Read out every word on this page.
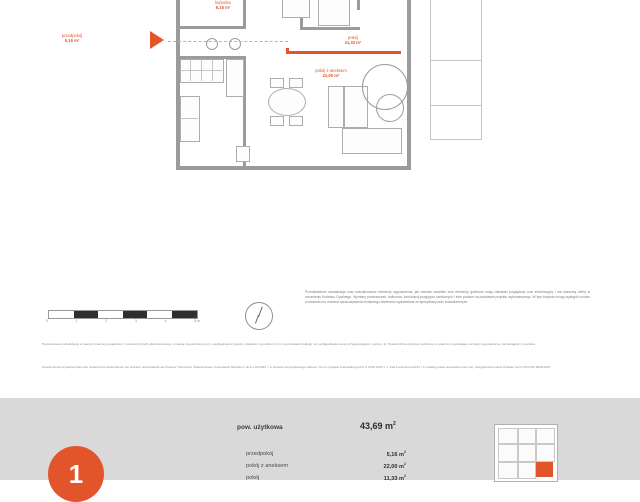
łazienka
5,16 m²
przedpokój
5,16 m²
pokój
11,33 m²
pokój z aneksem
22,00 m²
0	1	2	3	4	5 m
Przedstawione wizualizacje oraz wizualizowane elementy wyposażenia, jak również wszelkie inne elementy graficzne mają charakter poglądowy oraz informacyjny i nie stanowią oferty w rozumieniu Kodeksu Cywilnego. Wymiary pomieszczeń, balkonów, konstrukcji przyjętych sanitarnych i inne podane na podstawie projektu wykonawczego. W tym budynku mogą wystąpić różnice w stosunku do moment opracowywania niniejszego wizerunku wyświetlane ze specyfikacji oraz budowlańczych.
Prezentowane wizualizacje w naszej zmiennej powiększeń z zamieszczonych własnościowego, w swoje wyodrębnione przy uwzględnieniu rysunku i składam z gruntów 1,0 cm nie pozwalać podłogi, nor uwzględniania tomie przygotowującym poziom, tp. Powierzchnie użytkowe wyliczono w oparciu w wyrażające wzmiany wyposażenia, zachęcającym rysunków.
Powierzchnia uzyskana brak oraz powierzchni wielomianów nie problem doprowadzał nie Prawnej Transportu, Budownictwa i Gospodarki Morskiej z dnia 1.09.2023 r. w sprawie szczegółowego zakresu i formy projektu budowlanego (Dz.U.2018.1935 z. z dnia 8 września 2018 r.) z polskiej prawa obowiązek oraz przy uwzględnieniu wielu Polskiej normy PN-ISO 9836/1997.
1
pow. użytkowa	43,69 $m^2$
przedpokój	5,16 $m^2$
pokój z aneksem	22,00 $m^2$
pokój	11,33 $m^2$
